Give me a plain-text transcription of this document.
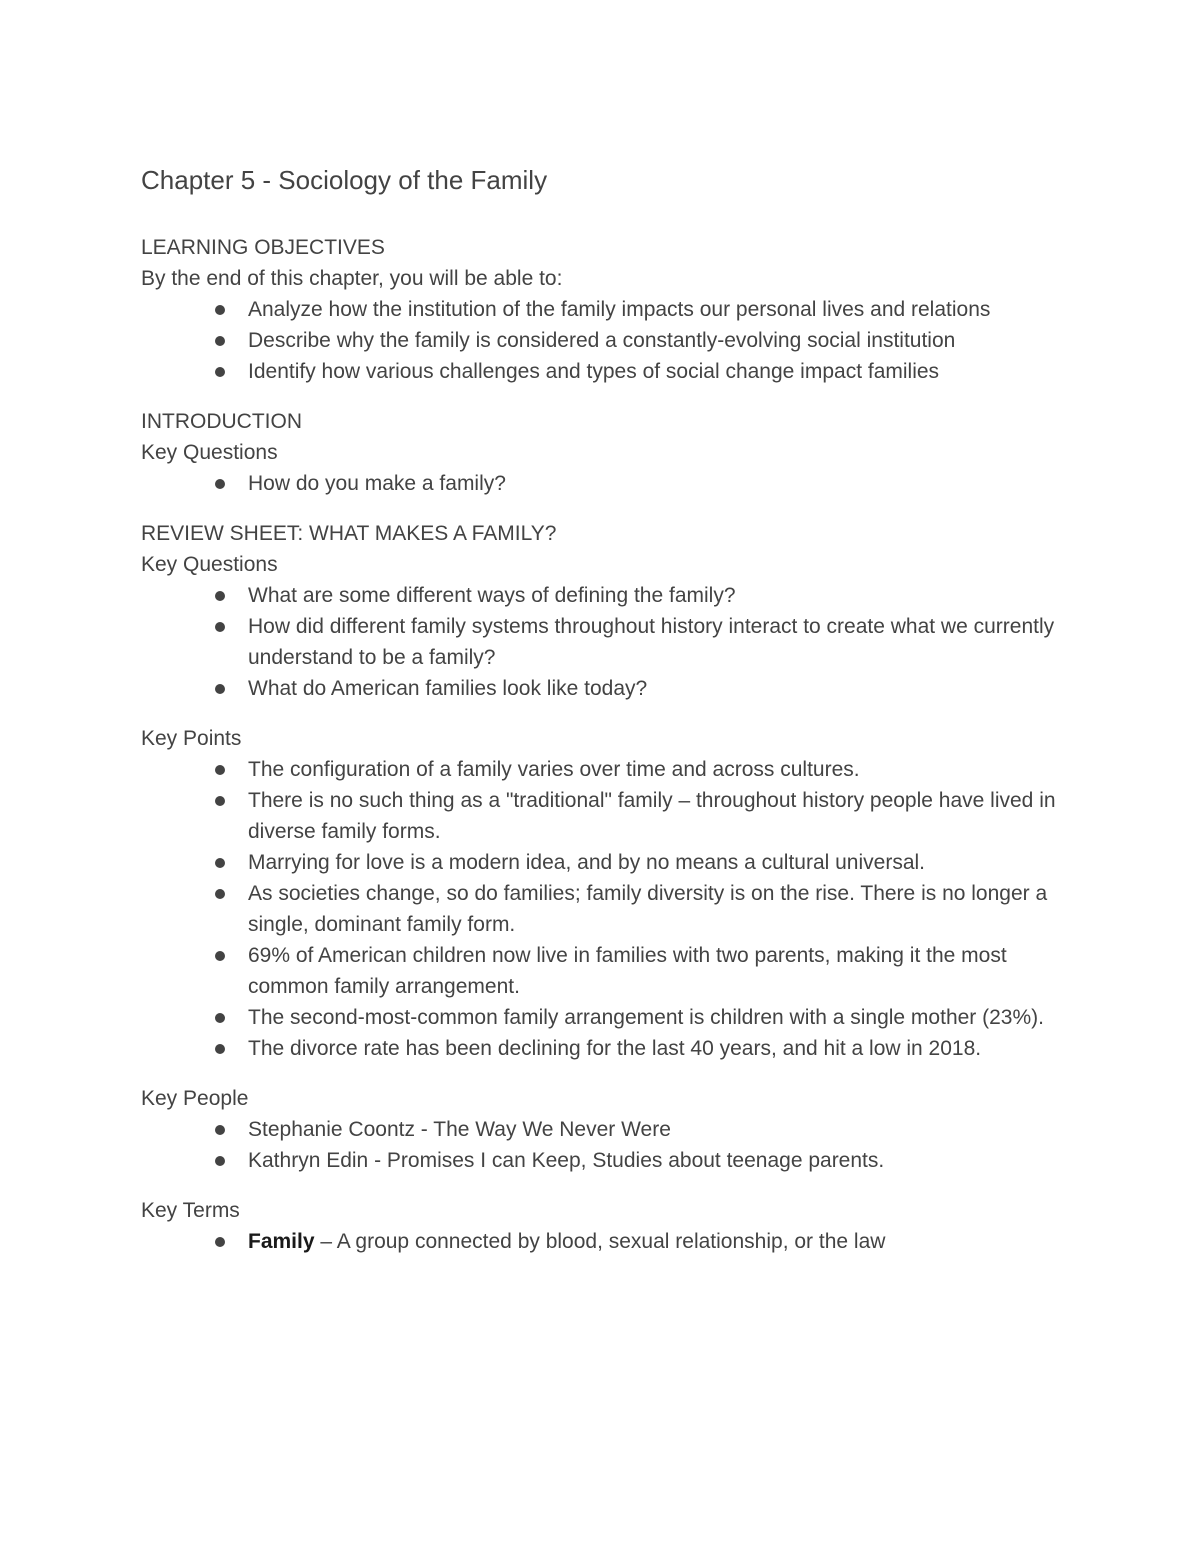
Chapter 5 - Sociology of the Family

LEARNING OBJECTIVES

By the end of this chapter, you will be able to:

Analyze how the institution of the family impacts our personal lives and relations
Describe why the family is considered a constantly-evolving social institution
Identify how various challenges and types of social change impact families

INTRODUCTION

Key Questions

How do you make a family?

REVIEW SHEET: WHAT MAKES A FAMILY?

Key Questions

What are some different ways of defining the family?
How did different family systems throughout history interact to create what we currently understand to be a family?
What do American families look like today?

Key Points

The configuration of a family varies over time and across cultures.
There is no such thing as a "traditional" family – throughout history people have lived in diverse family forms.
Marrying for love is a modern idea, and by no means a cultural universal.
As societies change, so do families; family diversity is on the rise. There is no longer a single, dominant family form.
69% of American children now live in families with two parents, making it the most common family arrangement.
The second-most-common family arrangement is children with a single mother (23%).
The divorce rate has been declining for the last 40 years, and hit a low in 2018.

Key People

Stephanie Coontz - The Way We Never Were
Kathryn Edin - Promises I can Keep, Studies about teenage parents.

Key Terms

Family – A group connected by blood, sexual relationship, or the law
